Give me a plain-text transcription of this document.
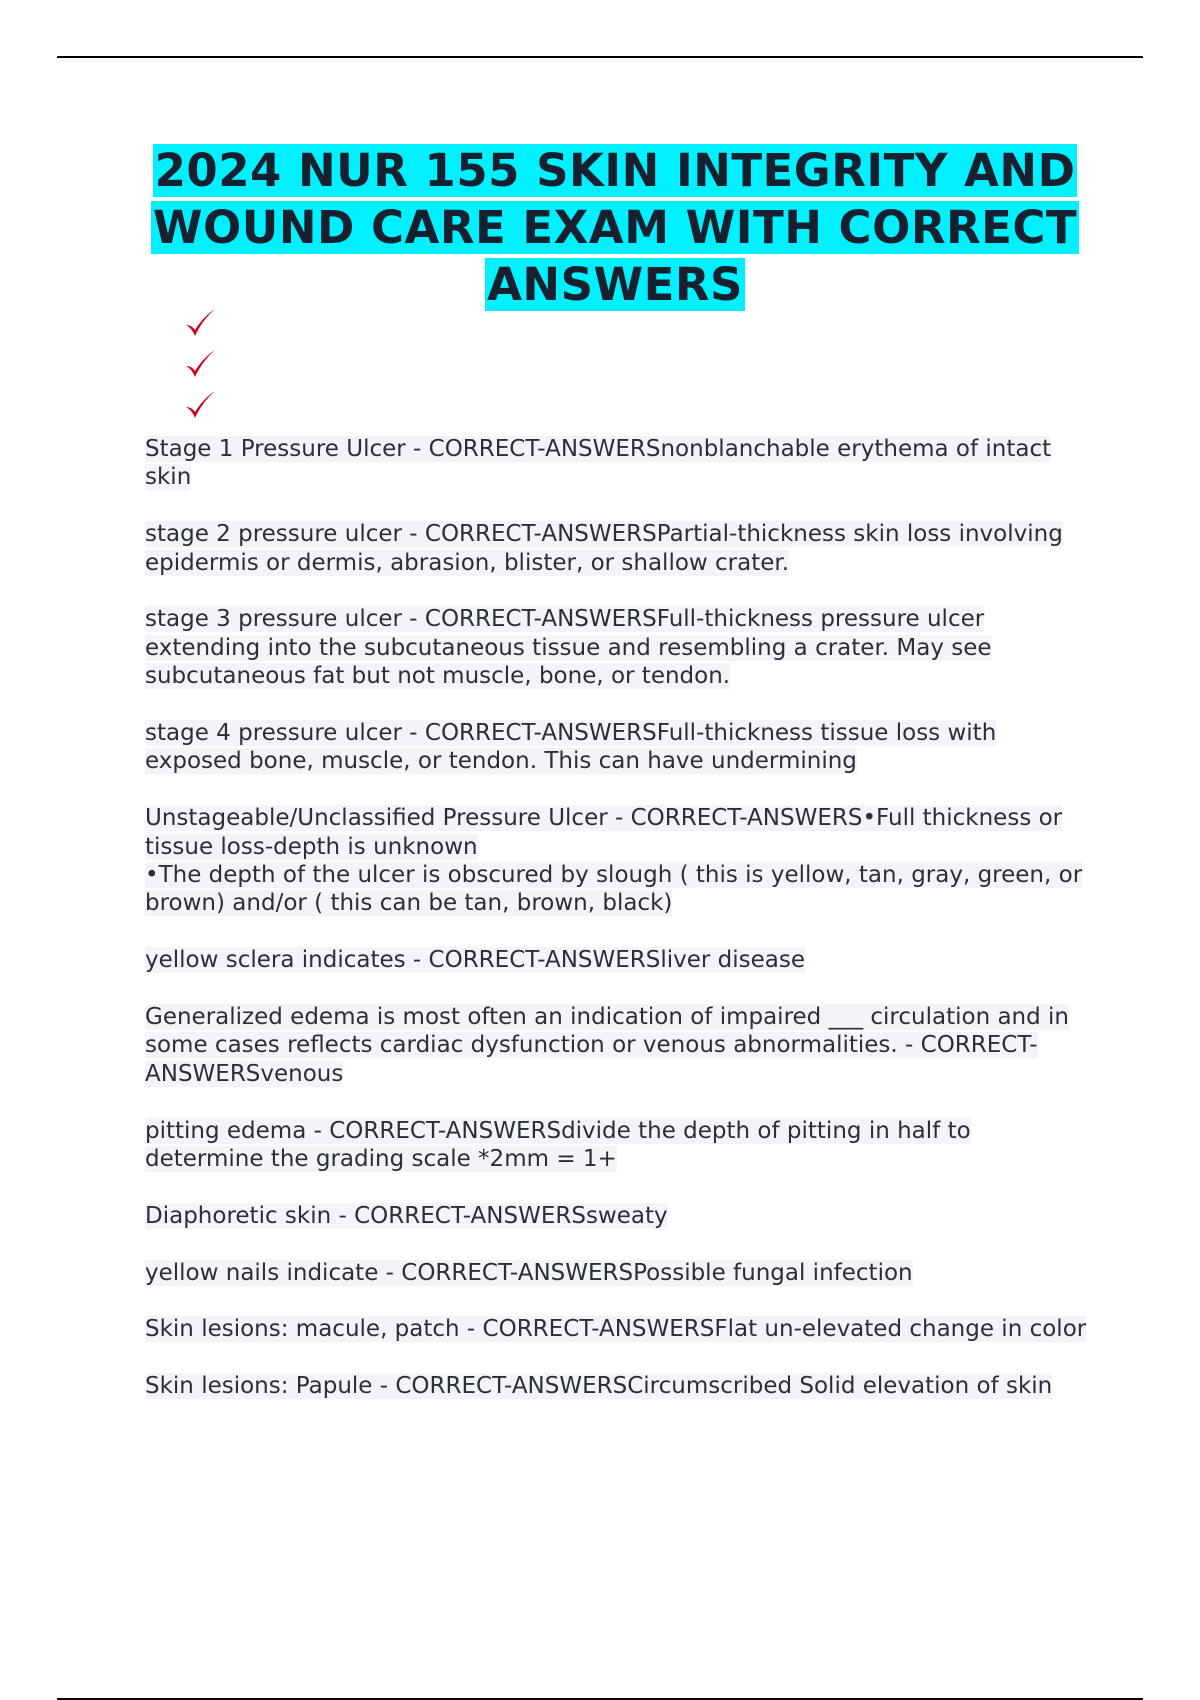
2024 NUR 155 SKIN INTEGRITY AND WOUND CARE EXAM WITH CORRECT ANSWERS

Stage 1 Pressure Ulcer - CORRECT-ANSWERSnonblanchable erythema of intact skin

stage 2 pressure ulcer - CORRECT-ANSWERSPartial-thickness skin loss involving epidermis or dermis, abrasion, blister, or shallow crater.

stage 3 pressure ulcer - CORRECT-ANSWERSFull-thickness pressure ulcer extending into the subcutaneous tissue and resembling a crater. May see subcutaneous fat but not muscle, bone, or tendon.

stage 4 pressure ulcer - CORRECT-ANSWERSFull-thickness tissue loss with exposed bone, muscle, or tendon. This can have undermining

Unstageable/Unclassified Pressure Ulcer - CORRECT-ANSWERS•Full thickness or tissue loss-depth is unknown
•The depth of the ulcer is obscured by slough ( this is yellow, tan, gray, green, or brown) and/or ( this can be tan, brown, black)

yellow sclera indicates - CORRECT-ANSWERSliver disease

Generalized edema is most often an indication of impaired ___ circulation and in some cases reflects cardiac dysfunction or venous abnormalities. - CORRECT-ANSWERSvenous

pitting edema - CORRECT-ANSWERSdivide the depth of pitting in half to determine the grading scale *2mm = 1+

Diaphoretic skin - CORRECT-ANSWERSsweaty

yellow nails indicate - CORRECT-ANSWERSPossible fungal infection

Skin lesions: macule, patch - CORRECT-ANSWERSFlat un-elevated change in color

Skin lesions: Papule - CORRECT-ANSWERSCircumscribed Solid elevation of skin
